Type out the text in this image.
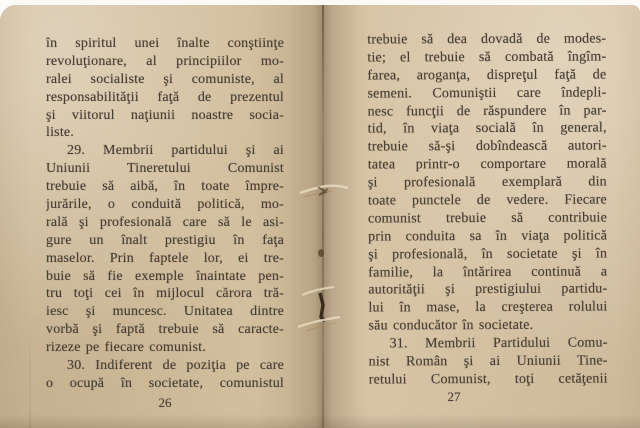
în spiritul unei înalte conştiinţe
revoluţionare, al principiilor mo-
ralei socialiste şi comuniste, al
responsabilităţii faţă de prezentul
şi viitorul naţiunii noastre socia-
liste.
29. Membrii partidului şi ai
Uniunii Tineretului Comunist
trebuie să aibă, în toate împre-
jurările, o conduită politică, mo-
rală şi profesională care să le asi-
gure un înalt prestigiu în faţa
maselor. Prin faptele lor, ei tre-
buie să fie exemple înaintate pen-
tru toţi cei în mijlocul cărora tră-
iesc şi muncesc. Unitatea dintre
vorbă şi faptă trebuie să caracte-
rizeze pe fiecare comunist.
30. Indiferent de poziţia pe care
o ocupă în societate, comunistul
26
trebuie să dea dovadă de modes-
tie; el trebuie să combată îngîm-
farea, aroganţa, dispreţul faţă de
semeni. Comuniştii care îndepli-
nesc funcţii de răspundere în par-
tid, în viaţa socială în general,
trebuie să-şi dobîndească autori-
tatea printr-o comportare morală
şi profesională exemplară din
toate punctele de vedere. Fiecare
comunist trebuie să contribuie
prin conduita sa în viaţa politică
şi profesională, în societate şi în
familie, la întărirea continuă a
autorităţii şi prestigiului partidu-
lui în mase, la creşterea rolului
său conducător în societate.
31. Membrii Partidului Comu-
nist Român şi ai Uniunii Tine-
retului Comunist, toţi cetăţenii
27
